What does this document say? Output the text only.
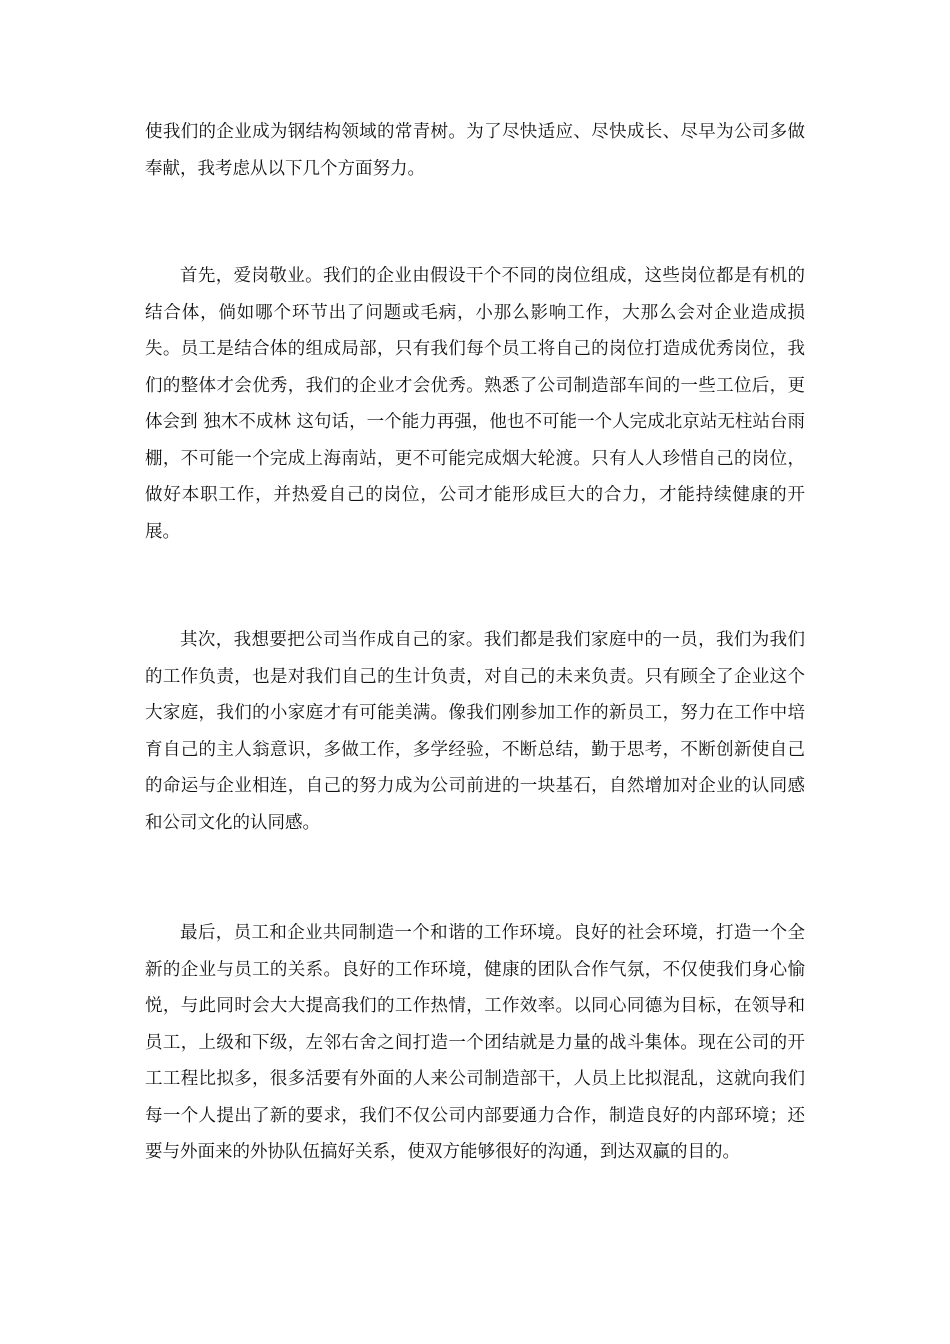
使我们的企业成为钢结构领域的常青树。为了尽快适应、尽快成长、尽早为公司多做奉献，我考虑从以下几个方面努力。

首先，爱岗敬业。我们的企业由假设干个不同的岗位组成，这些岗位都是有机的结合体，倘如哪个环节出了问题或毛病，小那么影响工作，大那么会对企业造成损失。员工是结合体的组成局部，只有我们每个员工将自己的岗位打造成优秀岗位，我们的整体才会优秀，我们的企业才会优秀。熟悉了公司制造部车间的一些工位后，更体会到 独木不成林 这句话，一个能力再强，他也不可能一个人完成北京站无柱站台雨棚，不可能一个完成上海南站，更不可能完成烟大轮渡。只有人人珍惜自己的岗位，做好本职工作，并热爱自己的岗位，公司才能形成巨大的合力，才能持续健康的开展。

其次，我想要把公司当作成自己的家。我们都是我们家庭中的一员，我们为我们的工作负责，也是对我们自己的生计负责，对自己的未来负责。只有顾全了企业这个大家庭，我们的小家庭才有可能美满。像我们刚参加工作的新员工，努力在工作中培育自己的主人翁意识，多做工作，多学经验，不断总结，勤于思考，不断创新使自己的命运与企业相连，自己的努力成为公司前进的一块基石，自然增加对企业的认同感和公司文化的认同感。

最后，员工和企业共同制造一个和谐的工作环境。良好的社会环境，打造一个全新的企业与员工的关系。良好的工作环境，健康的团队合作气氛，不仅使我们身心愉悦，与此同时会大大提高我们的工作热情，工作效率。以同心同德为目标，在领导和员工，上级和下级，左邻右舍之间打造一个团结就是力量的战斗集体。现在公司的开工工程比拟多，很多活要有外面的人来公司制造部干，人员上比拟混乱，这就向我们每一个人提出了新的要求，我们不仅公司内部要通力合作，制造良好的内部环境；还要与外面来的外协队伍搞好关系，使双方能够很好的沟通，到达双赢的目的。
